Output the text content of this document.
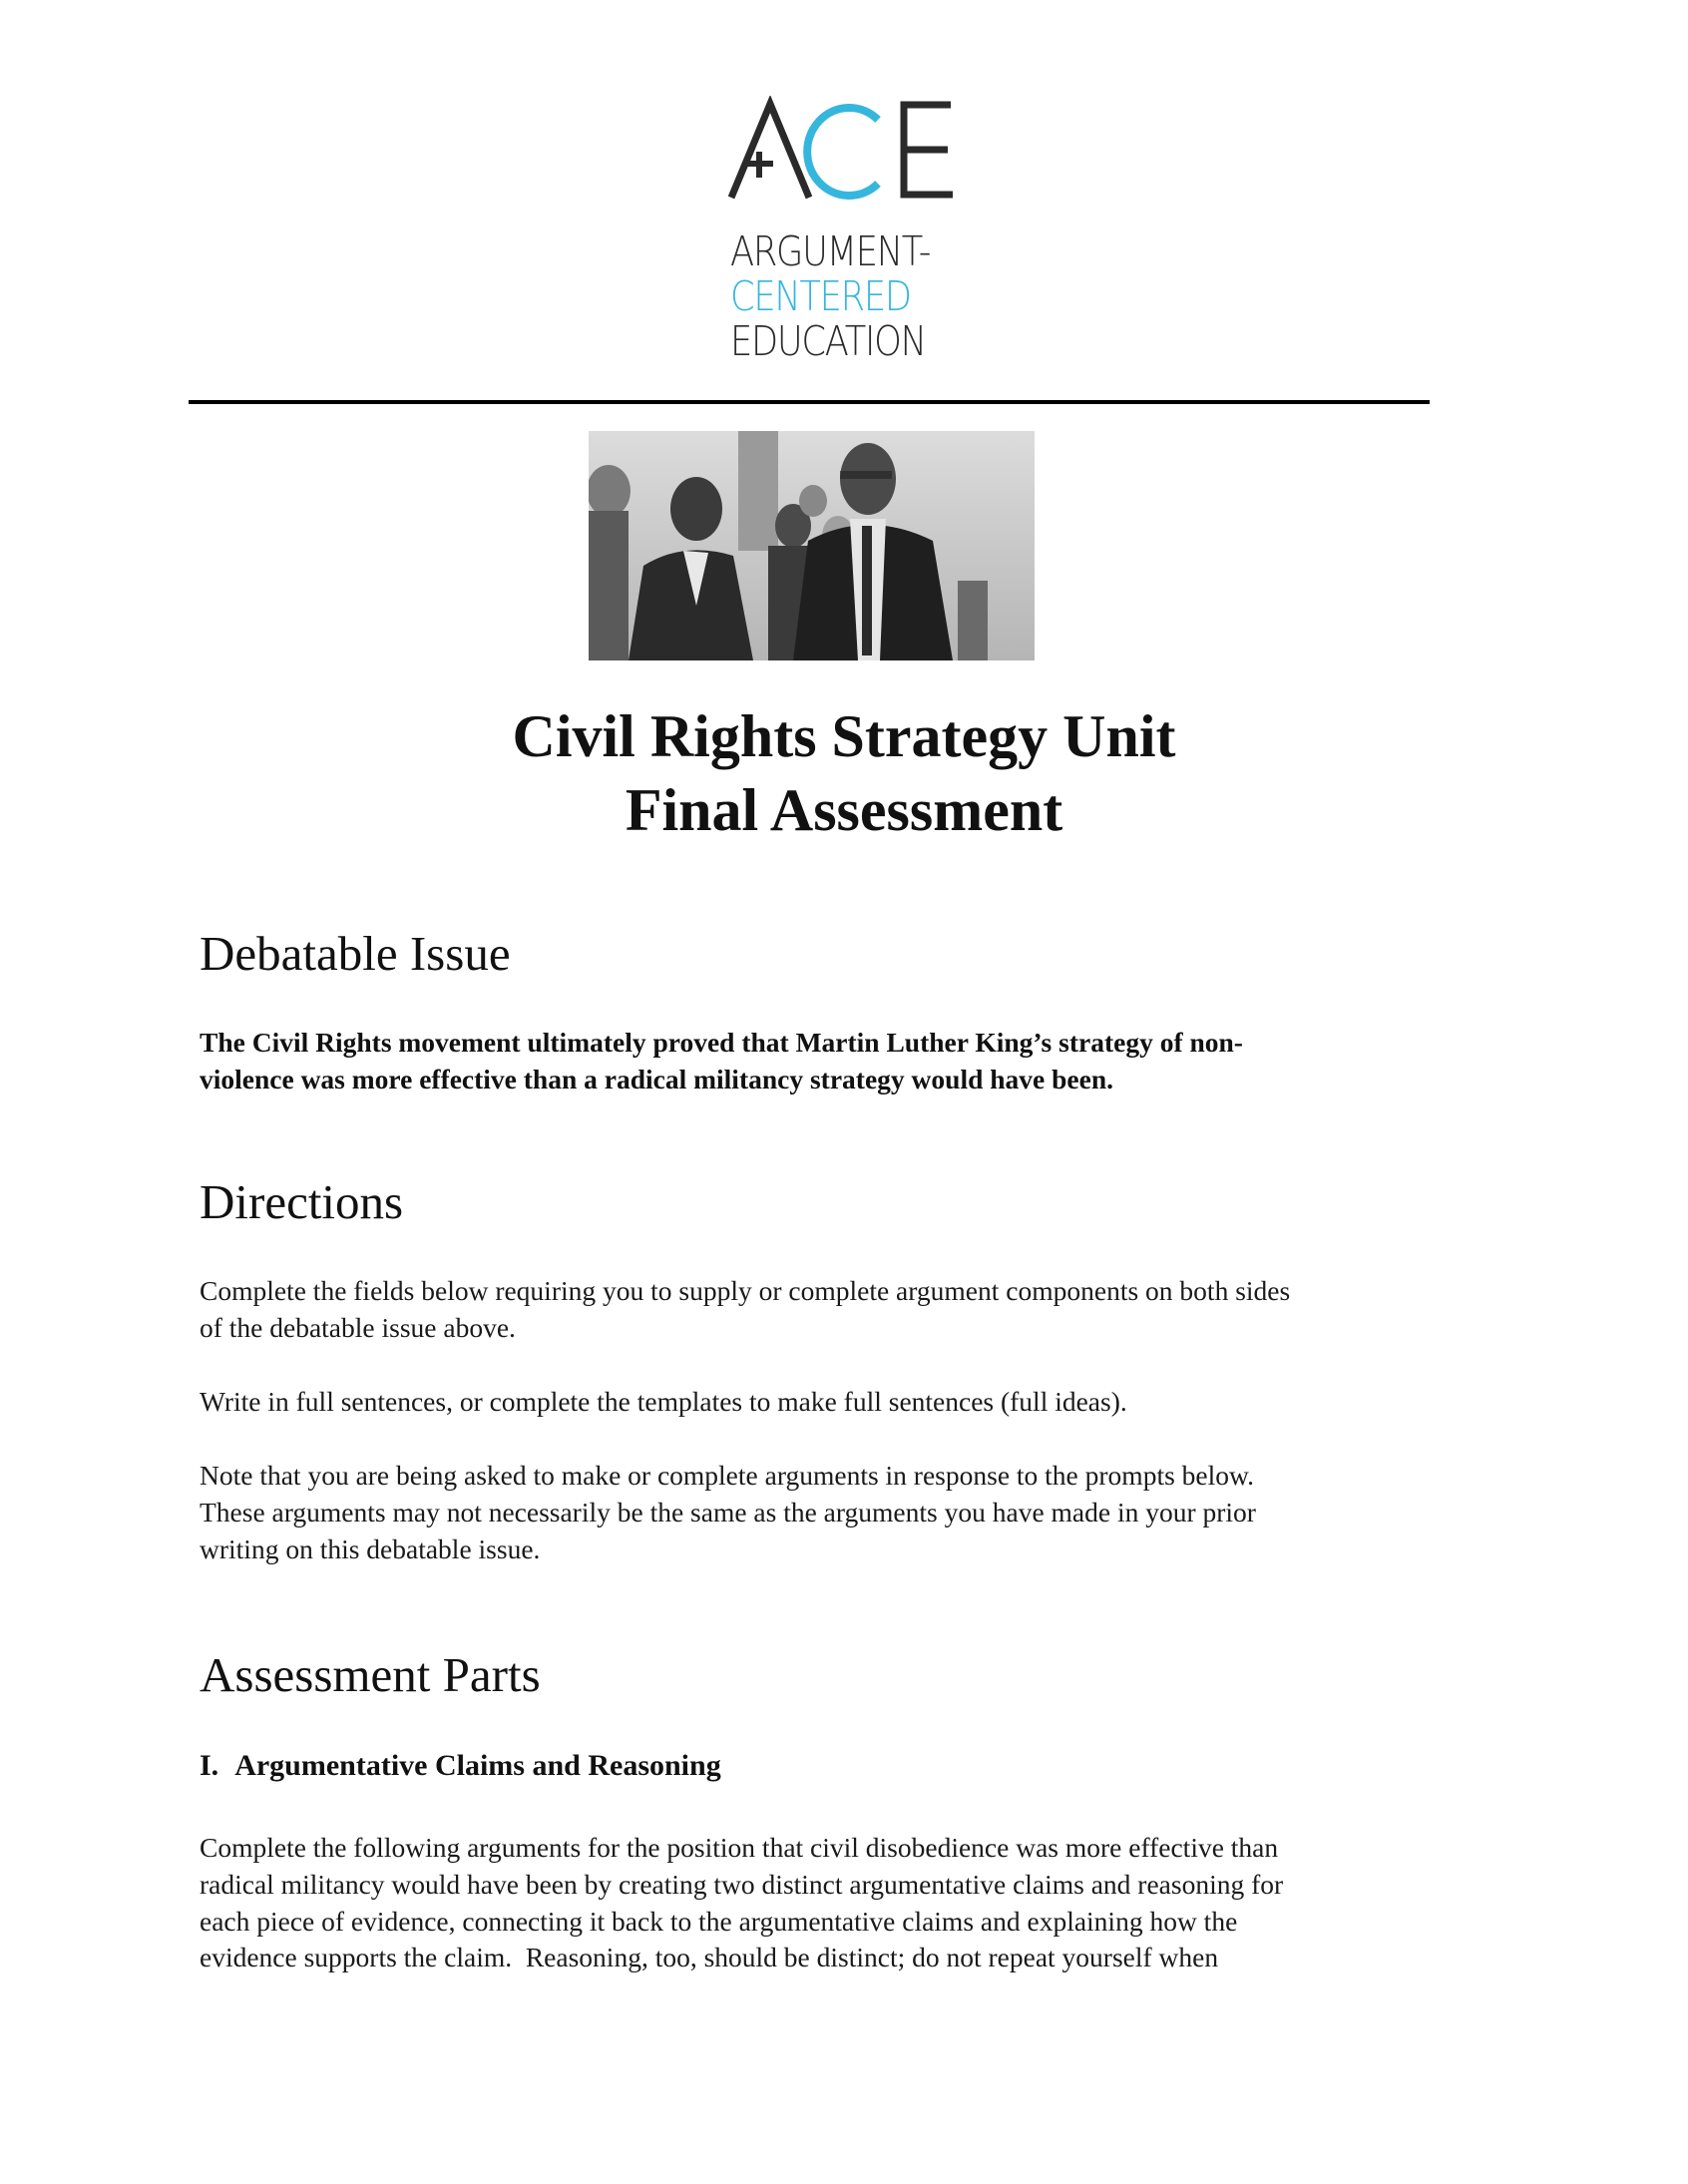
ARGUMENT-
CENTERED
EDUCATION
Civil Rights Strategy Unit
Final Assessment
Debatable Issue
The Civil Rights movement ultimately proved that Martin Luther King’s strategy of non-
violence was more effective than a radical militancy strategy would have been.
Directions
Complete the fields below requiring you to supply or complete argument components on both sides
of the debatable issue above.
Write in full sentences, or complete the templates to make full sentences (full ideas).
Note that you are being asked to make or complete arguments in response to the prompts below.
These arguments may not necessarily be the same as the arguments you have made in your prior
writing on this debatable issue.
Assessment Parts
I. Argumentative Claims and Reasoning
Complete the following arguments for the position that civil disobedience was more effective than
radical militancy would have been by creating two distinct argumentative claims and reasoning for
each piece of evidence, connecting it back to the argumentative claims and explaining how the
evidence supports the claim.  Reasoning, too, should be distinct; do not repeat yourself when
